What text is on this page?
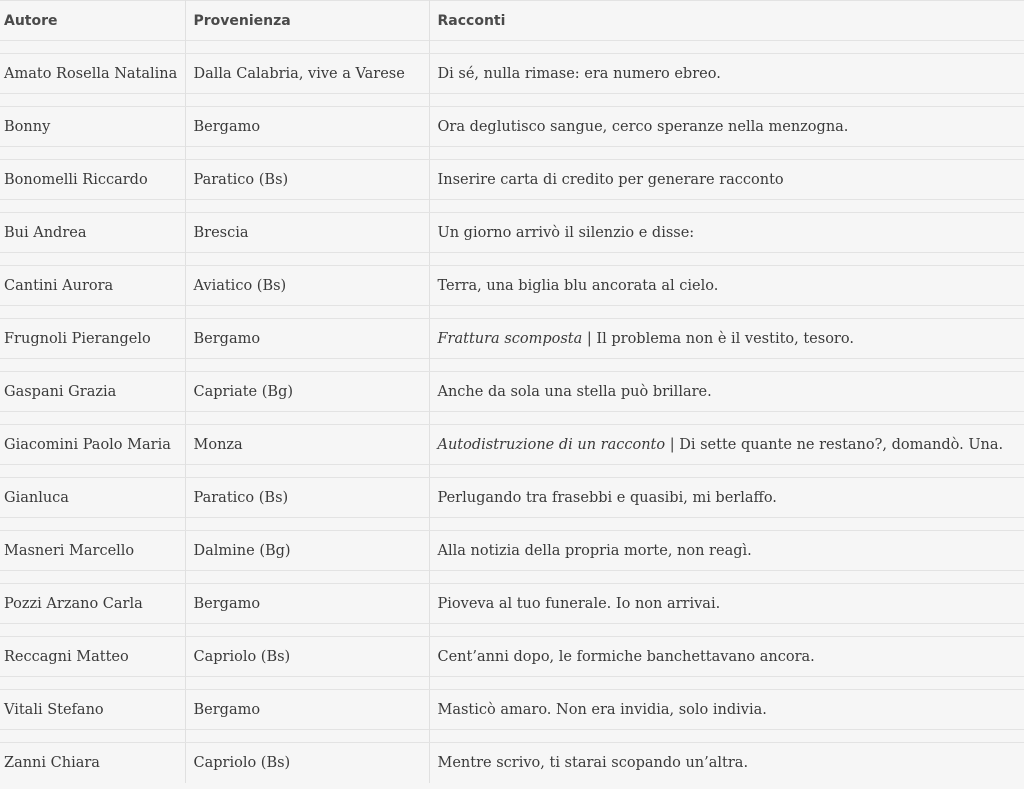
Autore	Provenienza	Racconti

Amato Rosella Natalina	Dalla Calabria, vive a Varese	Di sé, nulla rimase: era numero ebreo.

Bonny	Bergamo	Ora deglutisco sangue, cerco speranze nella menzogna.

Bonomelli Riccardo	Paratico (Bs)	Inserire carta di credito per generare racconto

Bui Andrea	Brescia	Un giorno arrivò il silenzio e disse:

Cantini Aurora	Aviatico (Bs)	Terra, una biglia blu ancorata al cielo.

Frugnoli Pierangelo	Bergamo	Frattura scomposta | Il problema non è il vestito, tesoro.

Gaspani Grazia	Capriate (Bg)	Anche da sola una stella può brillare.

Giacomini Paolo Maria	Monza	Autodistruzione di un racconto | Di sette quante ne restano?, domandò. Una.

Gianluca	Paratico (Bs)	Perlugando tra frasebbi e quasibi, mi berlaffo.

Masneri Marcello	Dalmine (Bg)	Alla notizia della propria morte, non reagì.

Pozzi Arzano Carla	Bergamo	Pioveva al tuo funerale. Io non arrivai.

Reccagni Matteo	Capriolo (Bs)	Cent’anni dopo, le formiche banchettavano ancora.

Vitali Stefano	Bergamo	Masticò amaro. Non era invidia, solo indivia.

Zanni Chiara	Capriolo (Bs)	Mentre scrivo, ti starai scopando un’altra.
